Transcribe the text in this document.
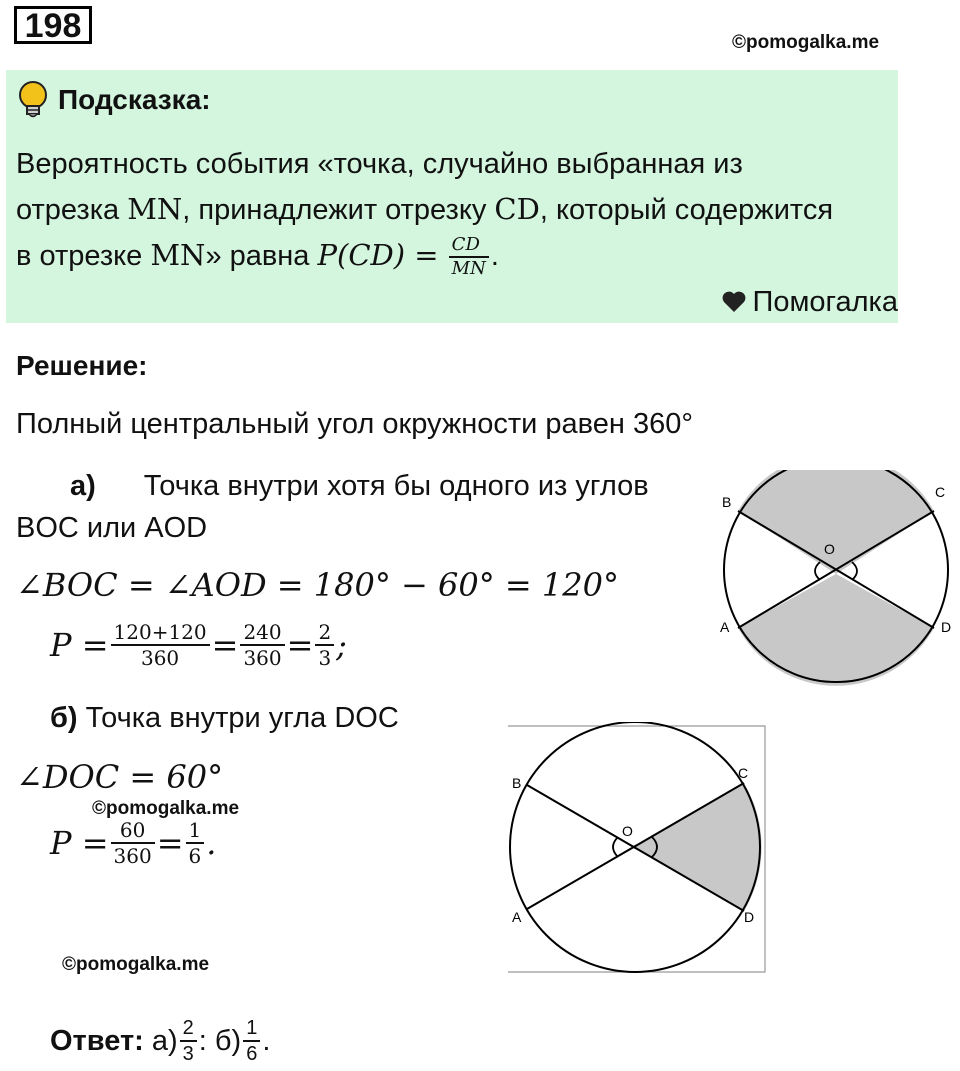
198	©pomogalka.me
Подсказка:
Вероятность события «точка, случайно выбранная из
отрезка MN, принадлежит отрезку CD, который содержится
в отрезке MN» равна $P(CD) = \frac{CD}{MN}$ .
Помогалка
Решение:
Полный центральный угол окружности равен 360°
а) Точка внутри хотя бы одного из углов
BOC или AOD
∠BOC = ∠AOD = 180° − 60° = 120°
$P = \frac{120+120}{360} = \frac{240}{360} = \frac{2}{3}$ ;
б) Точка внутри угла DOC
∠DOC = 60°
©pomogalka.me
$P = \frac{60}{360} = \frac{1}{6}$ .
©pomogalka.me
Ответ:
$а) \frac{2}{3}$ :
$б) \frac{1}{6}$ .
B
C
O
A	D
B
C
O
A	D
